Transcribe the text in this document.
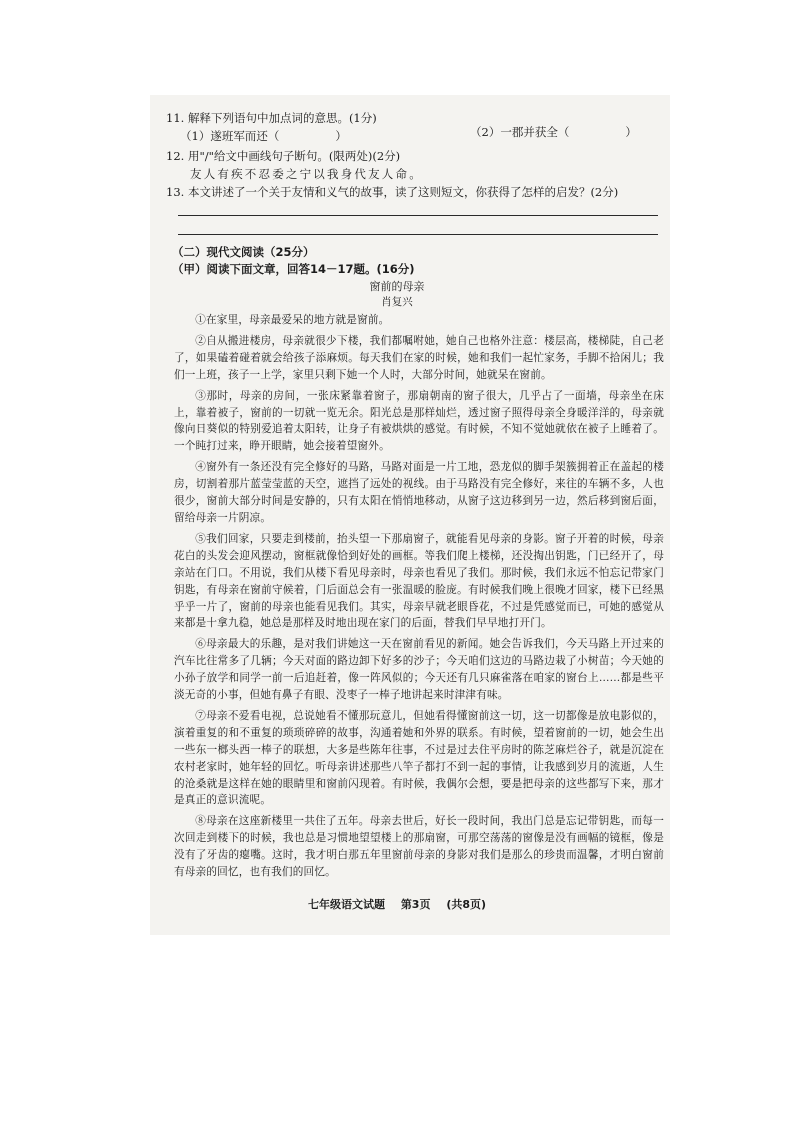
11. 解释下列语句中加点词的意思。(1分)
（1）遂班军而还（	）	（2）一郡并获全（	）
12. 用"/"给文中画线句子断句。(限两处)(2分)
友人有疾不忍委之宁以我身代友人命。
13. 本文讲述了一个关于友情和义气的故事，读了这则短文，你获得了怎样的启发？(2分)
（二）现代文阅读（25分）
（甲）阅读下面文章，回答14－17题。(16分)
窗前的母亲
肖复兴

①在家里，母亲最爱呆的地方就是窗前。

②自从搬进楼房，母亲就很少下楼，我们都嘱咐她，她自己也格外注意：楼层高，楼梯陡，自己老了，如果磕着碰着就会给孩子添麻烦。每天我们在家的时候，她和我们一起忙家务，手脚不拾闲儿；我们一上班，孩子一上学，家里只剩下她一个人时，大部分时间，她就呆在窗前。

③那时，母亲的房间，一张床紧靠着窗子，那扇朝南的窗子很大，几乎占了一面墙，母亲坐在床上，靠着被子，窗前的一切就一览无余。阳光总是那样灿烂，透过窗子照得母亲全身暖洋洋的，母亲就像向日葵似的特别爱追着太阳转，让身子有被烘烘的感觉。有时候，不知不觉她就依在被子上睡着了。一个盹打过来，睁开眼睛，她会接着望窗外。

④窗外有一条还没有完全修好的马路，马路对面是一片工地，恐龙似的脚手架簇拥着正在盖起的楼房，切割着那片蓝莹莹蓝的天空，遮挡了远处的视线。由于马路没有完全修好，来往的车辆不多，人也很少，窗前大部分时间是安静的，只有太阳在悄悄地移动，从窗子这边移到另一边，然后移到窗后面，留给母亲一片阴凉。

⑤我们回家，只要走到楼前，抬头望一下那扇窗子，就能看见母亲的身影。窗子开着的时候，母亲花白的头发会迎风摆动，窗框就像恰到好处的画框。等我们爬上楼梯，还没掏出钥匙，门已经开了，母亲站在门口。不用说，我们从楼下看见母亲时，母亲也看见了我们。那时候，我们永远不怕忘记带家门钥匙，有母亲在窗前守候着，门后面总会有一张温暖的脸庞。有时候我们晚上很晚才回家，楼下已经黑乎乎一片了，窗前的母亲也能看见我们。其实，母亲早就老眼昏花，不过是凭感觉而已，可她的感觉从来都是十拿九稳，她总是那样及时地出现在家门的后面，替我们早早地打开门。

⑥母亲最大的乐趣，是对我们讲她这一天在窗前看见的新闻。她会告诉我们，今天马路上开过来的汽车比往常多了几辆；今天对面的路边卸下好多的沙子；今天咱们这边的马路边栽了小树苗；今天她的小孙子放学和同学一前一后追赶着，像一阵风似的；今天还有几只麻雀落在咱家的窗台上……都是些平淡无奇的小事，但她有鼻子有眼、没枣子一棒子地讲起来时津津有味。

⑦母亲不爱看电视，总说她看不懂那玩意儿，但她看得懂窗前这一切，这一切都像是放电影似的，演着重复的和不重复的琐琐碎碎的故事，沟通着她和外界的联系。有时候，望着窗前的一切，她会生出一些东一榔头西一棒子的联想，大多是些陈年往事，不过是过去住平房时的陈芝麻烂谷子，就是沉淀在农村老家时，她年轻的回忆。听母亲讲述那些八竿子都打不到一起的事情，让我感到岁月的流逝，人生的沧桑就是这样在她的眼睛里和窗前闪现着。有时候，我偶尔会想，要是把母亲的这些都写下来，那才是真正的意识流呢。

⑧母亲在这座新楼里一共住了五年。母亲去世后，好长一段时间，我出门总是忘记带钥匙，而每一次回走到楼下的时候，我也总是习惯地望望楼上的那扇窗，可那空荡荡的窗像是没有画幅的镜框，像是没有了牙齿的瘪嘴。这时，我才明白那五年里窗前母亲的身影对我们是那么的珍贵而温馨，才明白窗前有母亲的回忆，也有我们的回忆。

七年级语文试题 第3页 (共8页)
